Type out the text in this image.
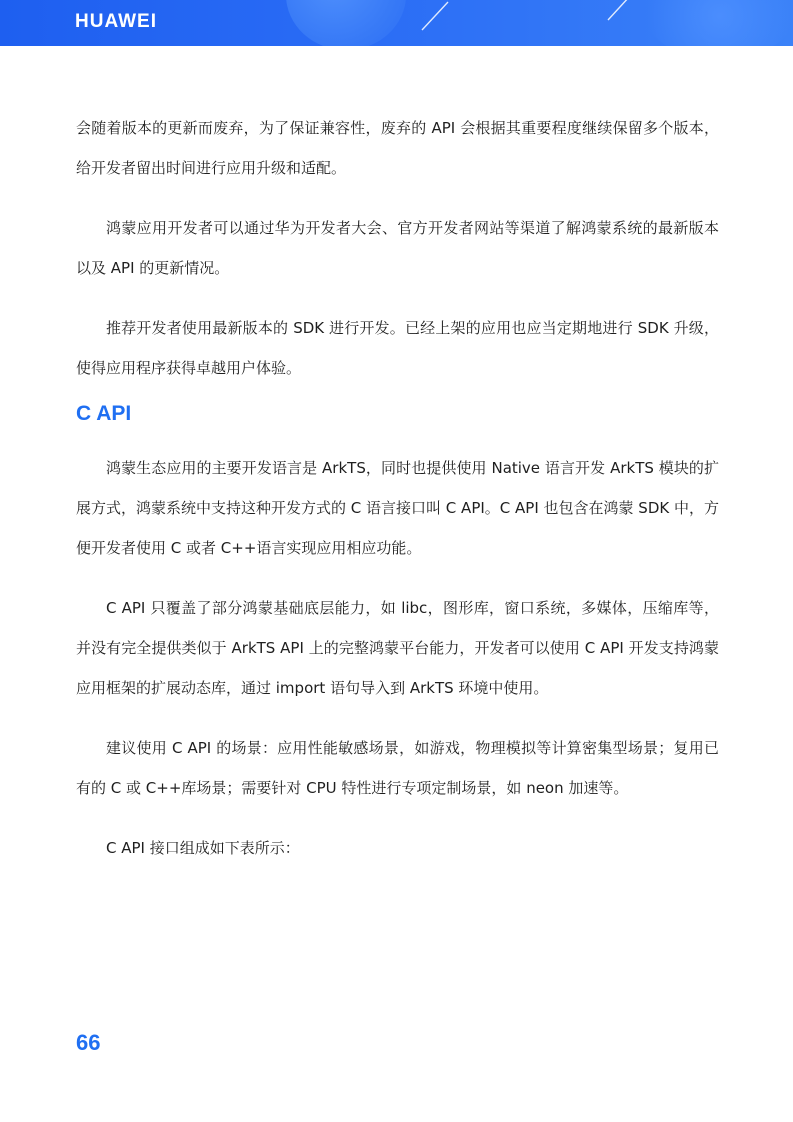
HUAWEI

会随着版本的更新而废弃，为了保证兼容性，废弃的 API 会根据其重要程度继续保留多个版本，给开发者留出时间进行应用升级和适配。

鸿蒙应用开发者可以通过华为开发者大会、官方开发者网站等渠道了解鸿蒙系统的最新版本以及 API 的更新情况。

推荐开发者使用最新版本的 SDK 进行开发。已经上架的应用也应当定期地进行 SDK 升级，使得应用程序获得卓越用户体验。

C API

鸿蒙生态应用的主要开发语言是 ArkTS，同时也提供使用 Native 语言开发 ArkTS 模块的扩展方式，鸿蒙系统中支持这种开发方式的 C 语言接口叫 C API。C API 也包含在鸿蒙 SDK 中，方便开发者使用 C 或者 C++语言实现应用相应功能。

C API 只覆盖了部分鸿蒙基础底层能力，如 libc，图形库，窗口系统，多媒体，压缩库等，并没有完全提供类似于 ArkTS API 上的完整鸿蒙平台能力，开发者可以使用 C API 开发支持鸿蒙应用框架的扩展动态库，通过 import 语句导入到 ArkTS 环境中使用。

建议使用 C API 的场景：应用性能敏感场景，如游戏，物理模拟等计算密集型场景；复用已有的 C 或 C++库场景；需要针对 CPU 特性进行专项定制场景，如 neon 加速等。

C API 接口组成如下表所示：

66
